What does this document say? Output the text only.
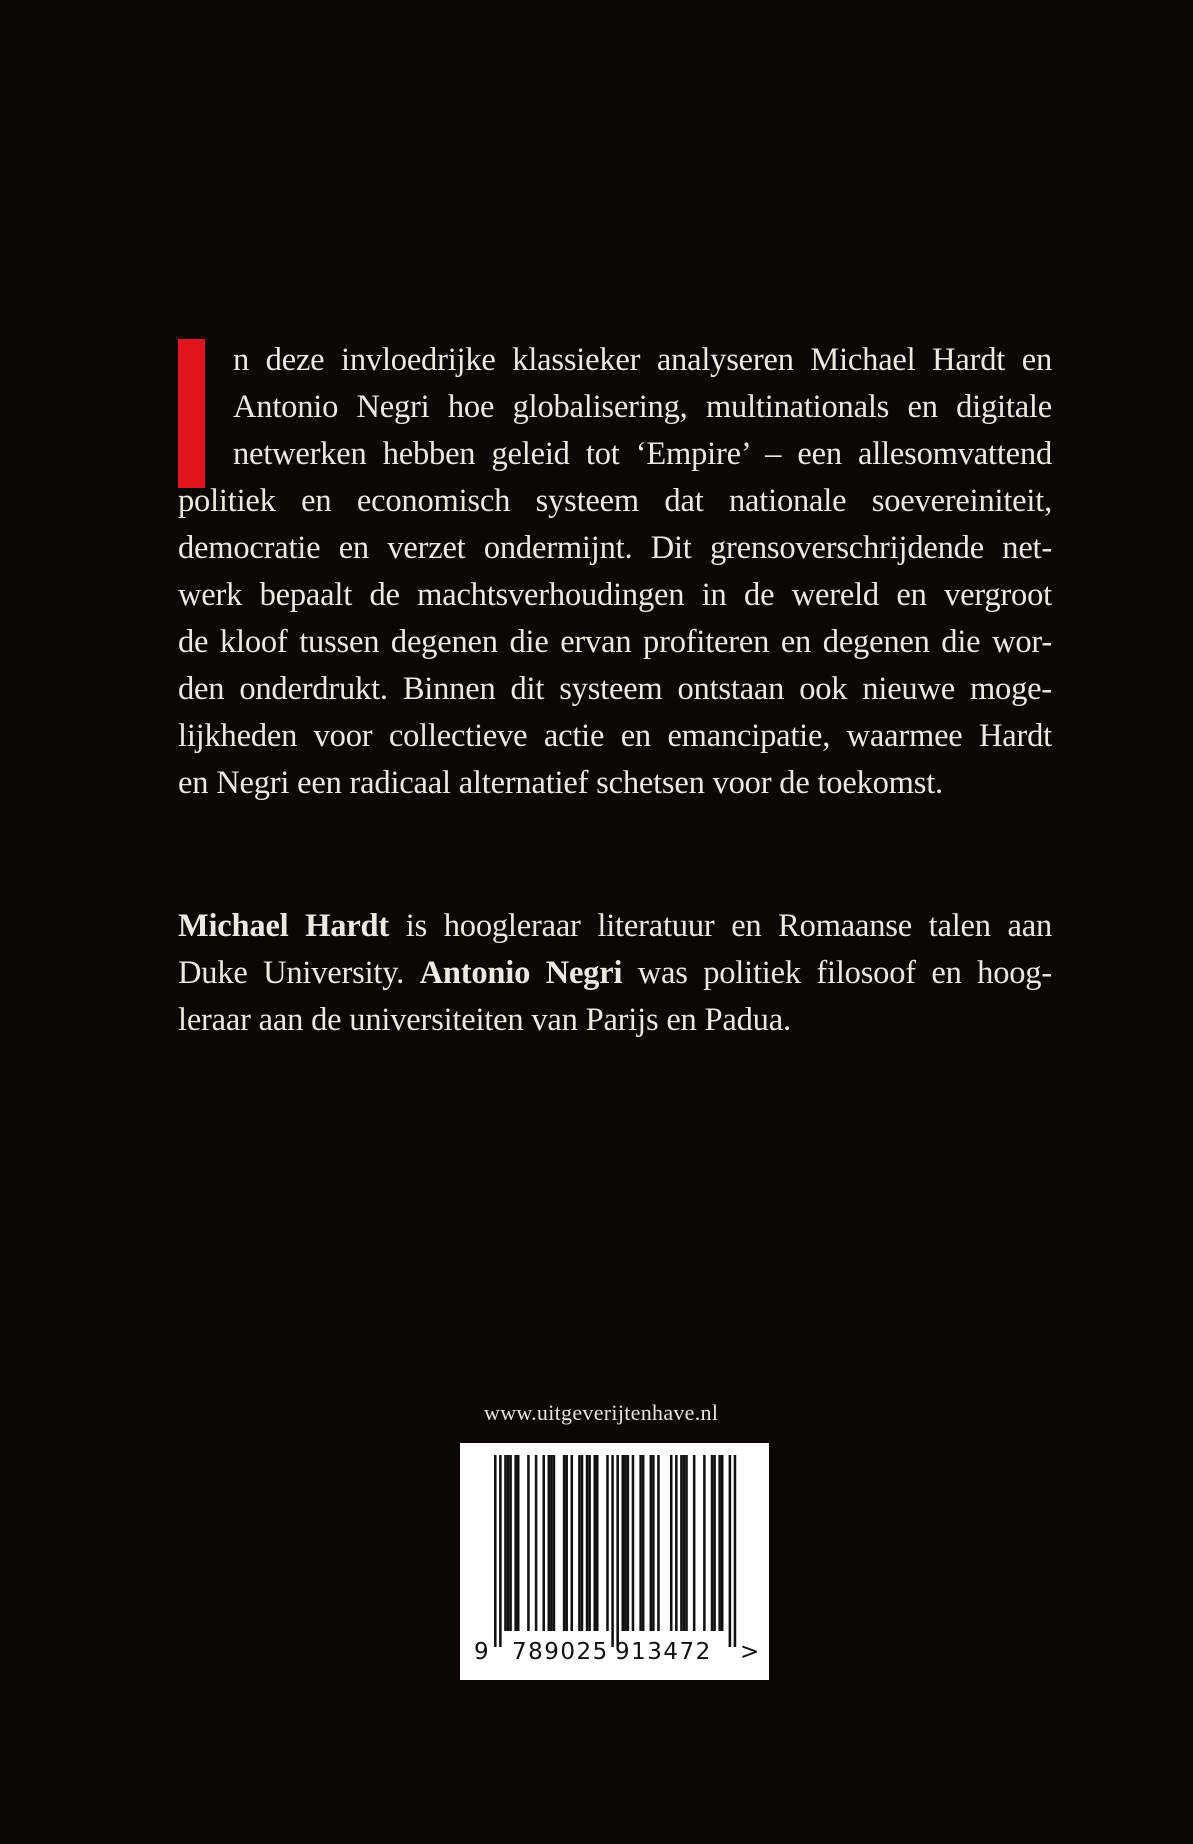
n deze invloedrijke klassieker analyseren Michael Hardt en
Antonio Negri hoe globalisering, multinationals en digitale
netwerken hebben geleid tot ‘Empire’ – een allesomvattend
politiek en economisch systeem dat nationale soevereiniteit,
democratie en verzet ondermijnt. Dit grensoverschrijdende net-
werk bepaalt de machtsverhoudingen in de wereld en vergroot
de kloof tussen degenen die ervan profiteren en degenen die wor-
den onderdrukt. Binnen dit systeem ontstaan ook nieuwe moge-
lijkheden voor collectieve actie en emancipatie, waarmee Hardt
en Negri een radicaal alternatief schetsen voor de toekomst.
Michael Hardt is hoogleraar literatuur en Romaanse talen aan
Duke University. Antonio Negri was politiek filosoof en hoog-
leraar aan de universiteiten van Parijs en Padua.
www.uitgeverijtenhave.nl
9 789025 913472 >
